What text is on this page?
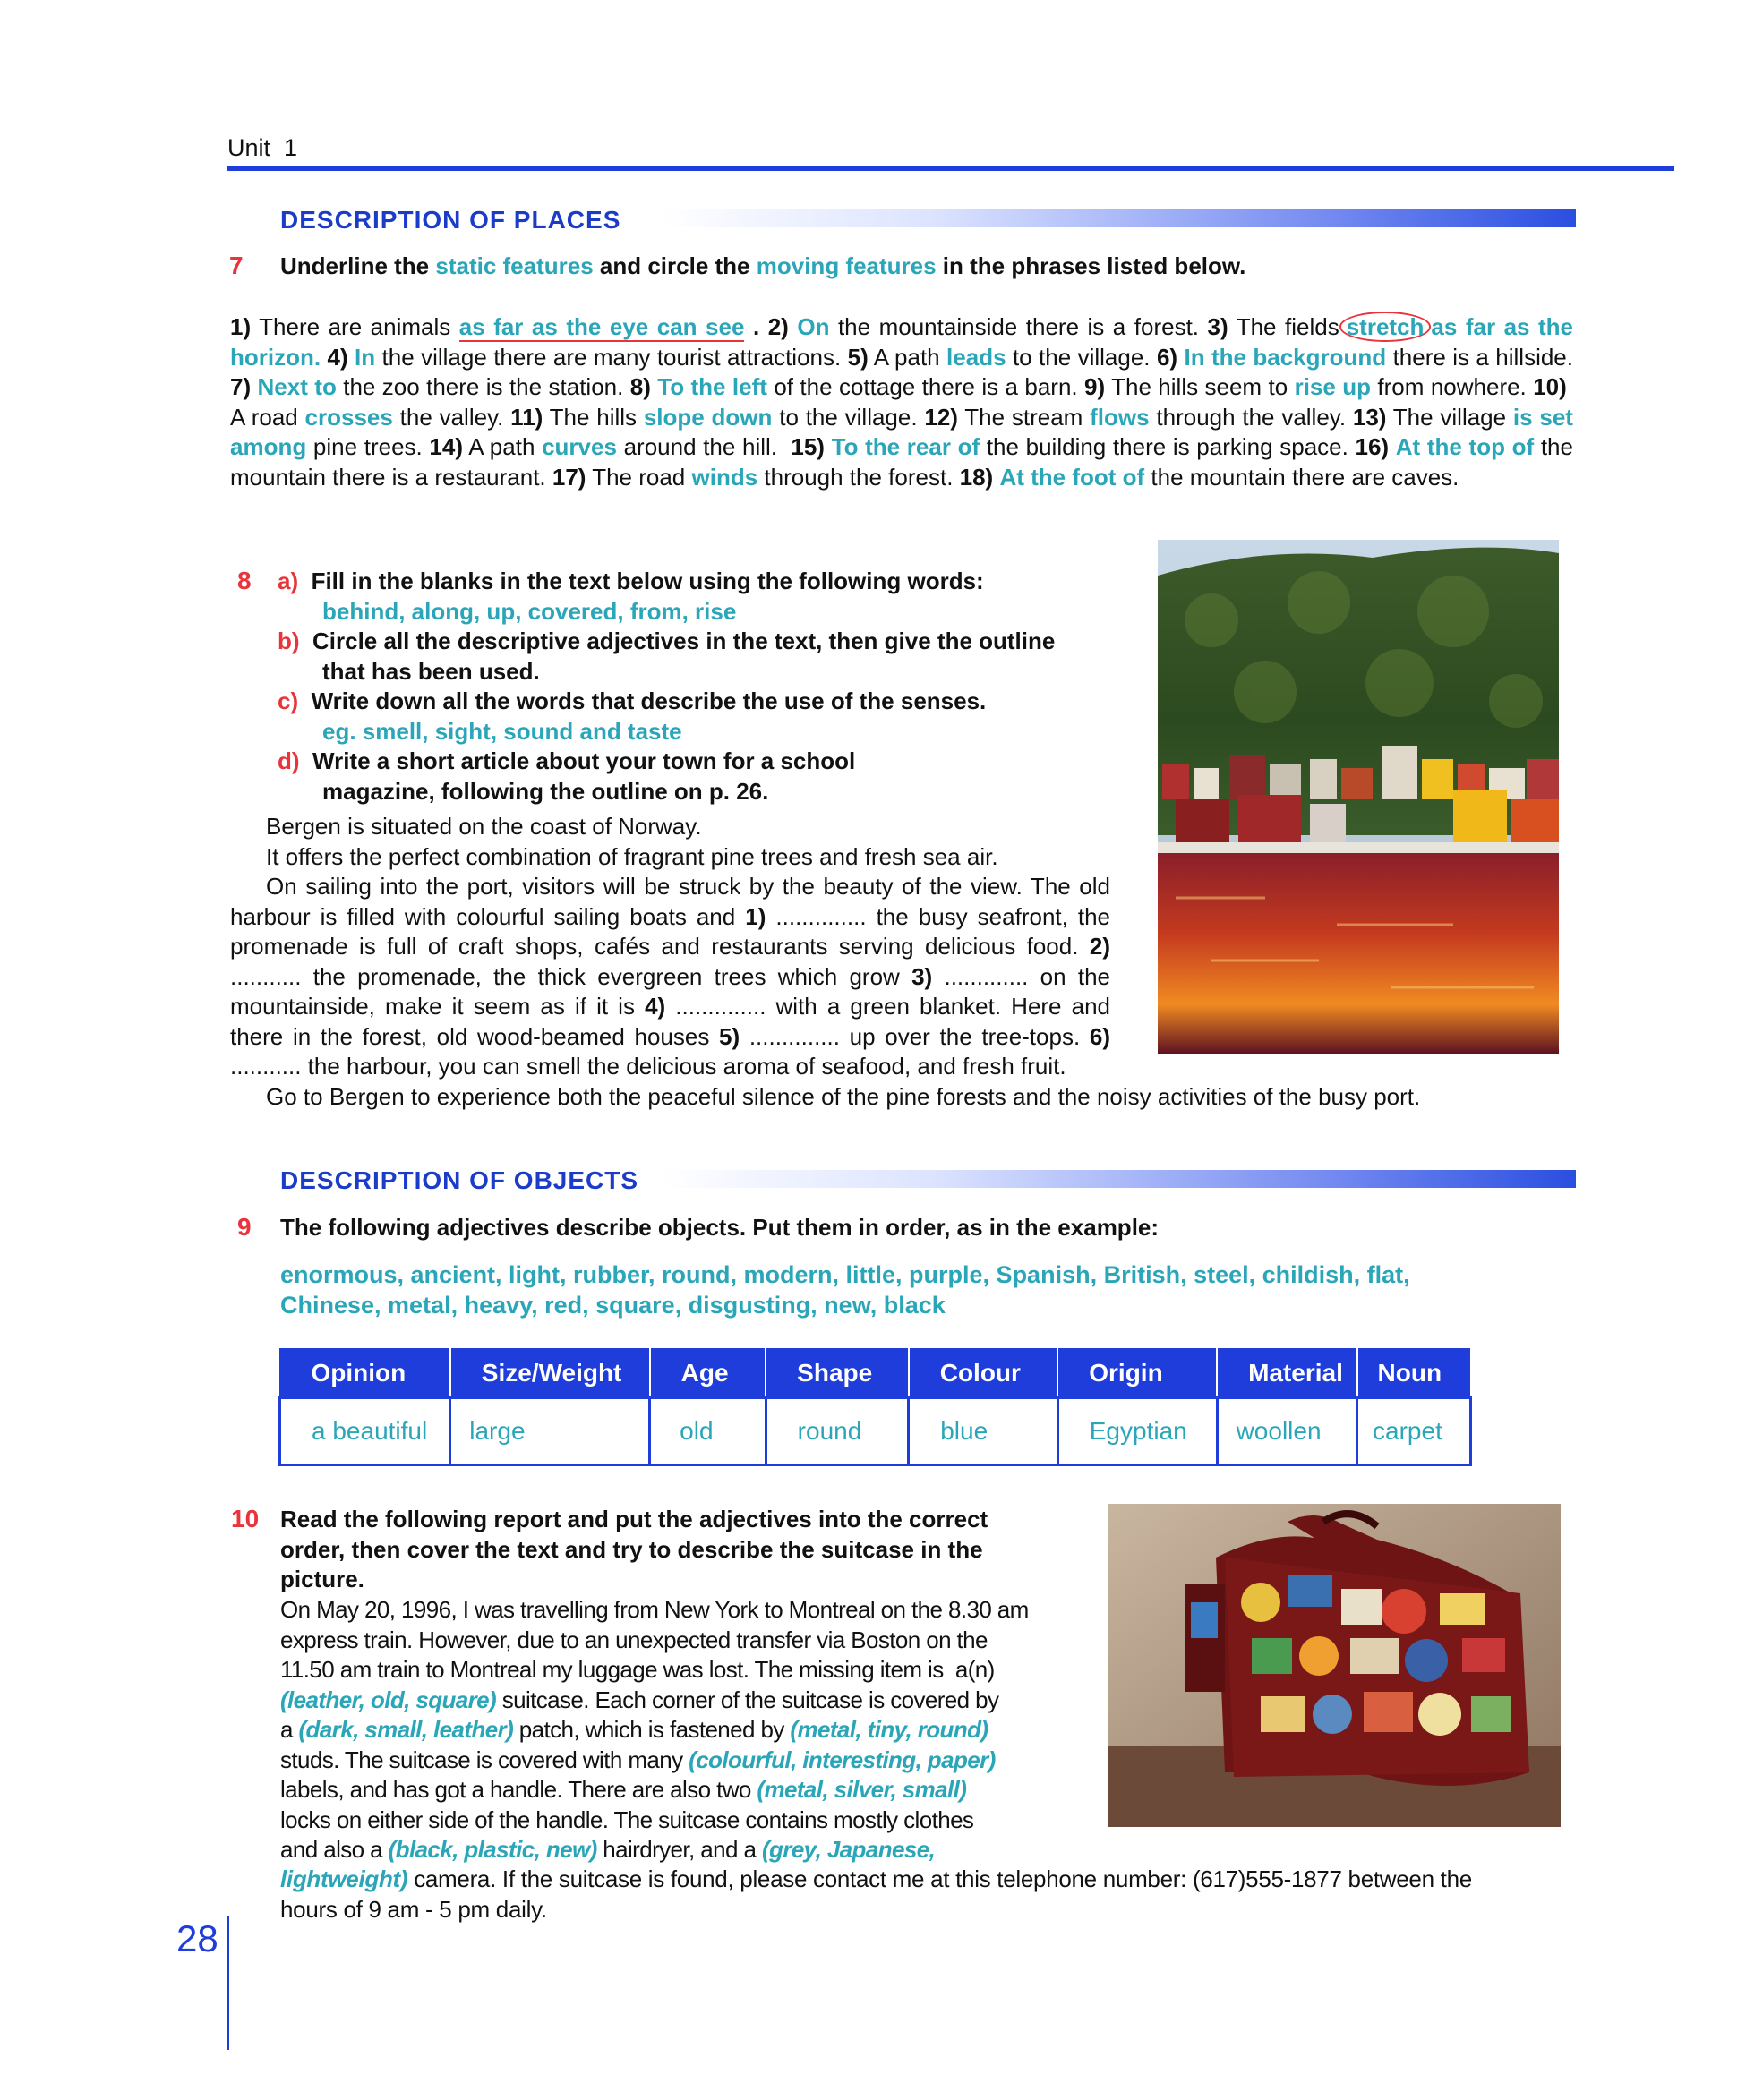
Unit  1
DESCRIPTION OF PLACES
7 Underline the static features and circle the moving features in the phrases listed below.
1) There are animals as far as the eye can see . 2) On the mountainside there is a forest. 3) The fields stretch as far as the horizon. 4) In the village there are many tourist attractions. 5) A path leads to the village. 6) In the background there is a hillside. 7) Next to the zoo there is the station. 8) To the left of the cottage there is a barn. 9) The hills seem to rise up from nowhere. 10)  A road crosses the valley. 11) The hills slope down to the village. 12) The stream flows through the valley. 13) The village is set among pine trees. 14) A path curves around the hill.  15) To the rear of the building there is parking space. 16) At the top of the mountain there is a restaurant. 17) The road winds through the forest. 18) At the foot of the mountain there are caves.
8 a) Fill in the blanks in the text below using the following words:
behind, along, up, covered, from, rise
b) Circle all the descriptive adjectives in the text, then give the outline
that has been used.
c) Write down all the words that describe the use of the senses.
eg. smell, sight, sound and taste
d) Write a short article about your town for a school
magazine, following the outline on p. 26.
Bergen is situated on the coast of Norway.
It offers the perfect combination of fragrant pine trees and fresh sea air.
On sailing into the port, visitors will be struck by the beauty of the view. The old harbour is filled with colourful sailing boats and 1) .............. the busy seafront, the promenade is full of craft shops, cafés and restaurants serving delicious food. 2) ........... the promenade, the thick evergreen trees which grow 3) ............. on the mountainside, make it seem as if it is 4) .............. with a green blanket. Here and there in the forest, old wood-beamed houses 5) .............. up over the tree-tops. 6) ........... the harbour, you can smell the delicious aroma of seafood, and fresh fruit.
Go to Bergen to experience both the peaceful silence of the pine forests and the noisy activities of the busy port.
DESCRIPTION OF OBJECTS
9 The following adjectives describe objects. Put them in order, as in the example:
enormous, ancient, light, rubber, round, modern, little, purple, Spanish, British, steel, childish, flat,
Chinese, metal, heavy, red, square, disgusting, new, black
Opinion	Size/Weight	Age	Shape	Colour	Origin	Material	Noun
a beautiful	large	old	round	blue	Egyptian	woollen	carpet
10 Read the following report and put the adjectives into the correct
order, then cover the text and try to describe the suitcase in the
picture.
On May 20, 1996, I was travelling from New York to Montreal on the 8.30 am
express train. However, due to an unexpected transfer via Boston on the
11.50 am train to Montreal my luggage was lost. The missing item is  a(n)
(leather, old, square) suitcase. Each corner of the suitcase is covered by
a (dark, small, leather) patch, which is fastened by (metal, tiny, round)
studs. The suitcase is covered with many (colourful, interesting, paper)
labels, and has got a handle. There are also two (metal, silver, small)
locks on either side of the handle. The suitcase contains mostly clothes
and also a (black, plastic, new) hairdryer, and a (grey, Japanese,
lightweight) camera. If the suitcase is found, please contact me at this telephone number: (617)555-1877 between the
hours of 9 am - 5 pm daily.
28
